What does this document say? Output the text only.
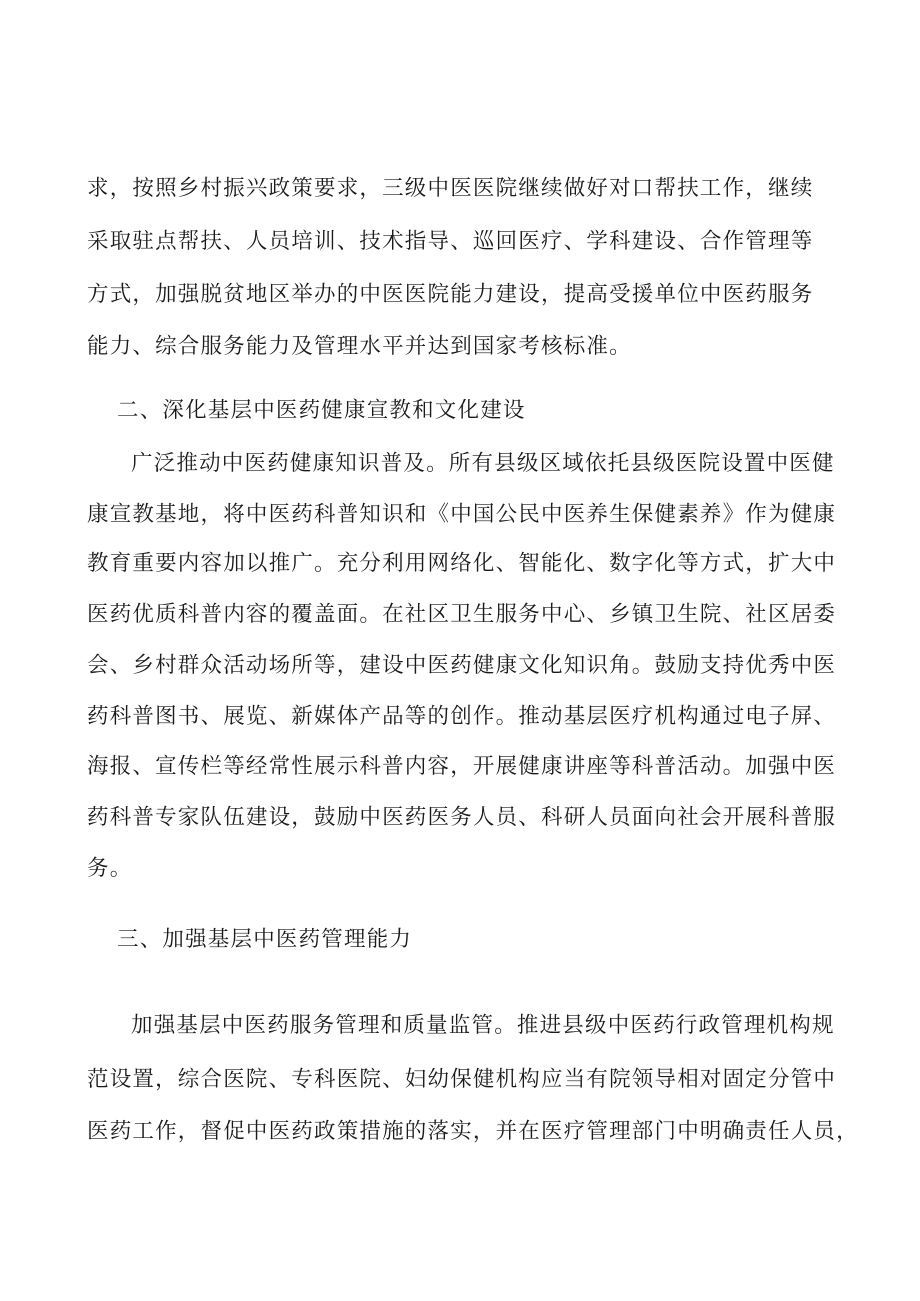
求，按照乡村振兴政策要求，三级中医医院继续做好对口帮扶工作，继续
采取驻点帮扶、人员培训、技术指导、巡回医疗、学科建设、合作管理等
方式，加强脱贫地区举办的中医医院能力建设，提高受援单位中医药服务
能力、综合服务能力及管理水平并达到国家考核标准。
二、深化基层中医药健康宣教和文化建设
广泛推动中医药健康知识普及。所有县级区域依托县级医院设置中医健
康宣教基地，将中医药科普知识和《中国公民中医养生保健素养》作为健康
教育重要内容加以推广。充分利用网络化、智能化、数字化等方式，扩大中
医药优质科普内容的覆盖面。在社区卫生服务中心、乡镇卫生院、社区居委
会、乡村群众活动场所等，建设中医药健康文化知识角。鼓励支持优秀中医
药科普图书、展览、新媒体产品等的创作。推动基层医疗机构通过电子屏、
海报、宣传栏等经常性展示科普内容，开展健康讲座等科普活动。加强中医
药科普专家队伍建设，鼓励中医药医务人员、科研人员面向社会开展科普服
务。
三、加强基层中医药管理能力
加强基层中医药服务管理和质量监管。推进县级中医药行政管理机构规
范设置，综合医院、专科医院、妇幼保健机构应当有院领导相对固定分管中
医药工作，督促中医药政策措施的落实，并在医疗管理部门中明确责任人员，
